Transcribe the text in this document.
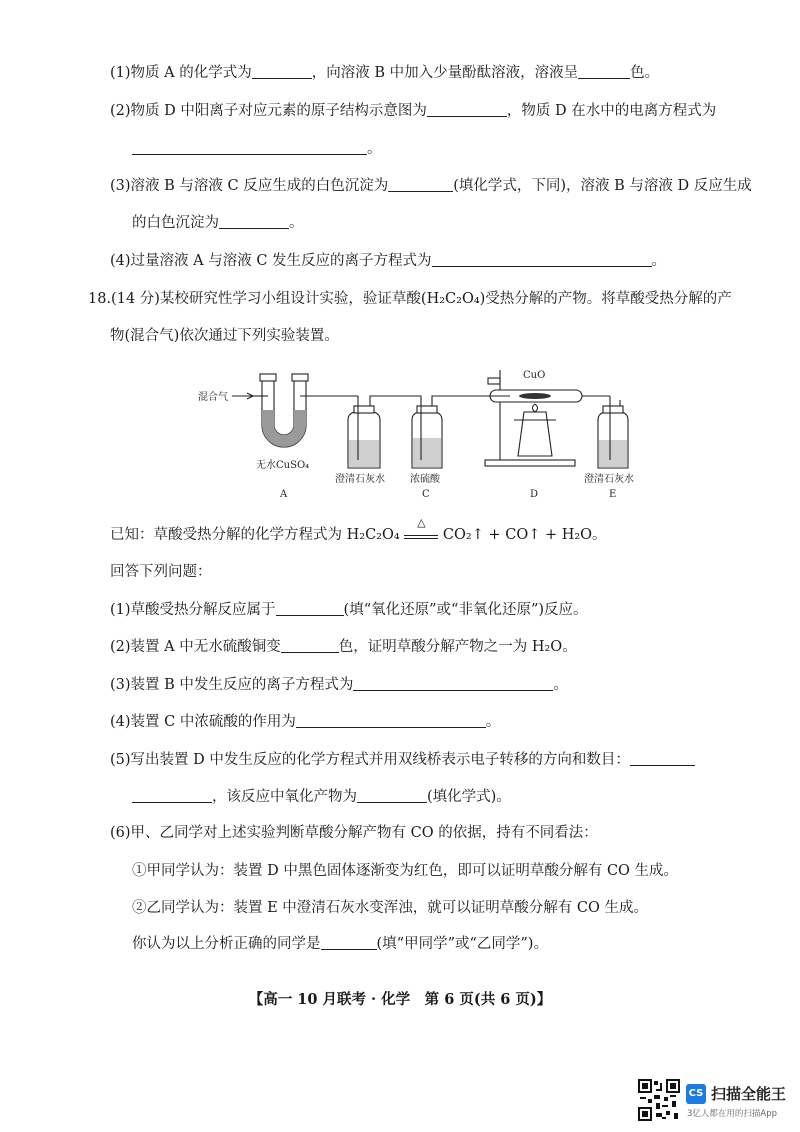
(1)物质 A 的化学式为	，向溶液 B 中加入少量酚酞溶液，溶液呈	色。
(2)物质 D 中阳离子对应元素的原子结构示意图为	，物质 D 在水中的电离方程式为
。
(3)溶液 B 与溶液 C 反应生成的白色沉淀为	(填化学式，下同)，溶液 B 与溶液 D 反应生成
的白色沉淀为	。
(4)过量溶液 A 与溶液 C 发生反应的离子方程式为	。
18.(14 分)某校研究性学习小组设计实验，验证草酸(H₂C₂O₄)受热分解的产物。将草酸受热分解的产
物(混合气)依次通过下列实验装置。
混合气
无水CuSO₄
A
澄清石灰水	浓硫酸
C
CuO
D
澄清石灰水
E
已知：草酸受热分解的化学方程式为 H₂C₂O₄
△
CO₂↑ + CO↑ + H₂O。
回答下列问题：
(1)草酸受热分解反应属于	(填“氧化还原”或“非氧化还原”)反应。
(2)装置 A 中无水硫酸铜变	色，证明草酸分解产物之一为 H₂O。
(3)装置 B 中发生反应的离子方程式为	。
(4)装置 C 中浓硫酸的作用为	。
(5)写出装置 D 中发生反应的化学方程式并用双线桥表示电子转移的方向和数目：
，该反应中氧化产物为	(填化学式)。
(6)甲、乙同学对上述实验判断草酸分解产物有 CO 的依据，持有不同看法：
①甲同学认为：装置 D 中黑色固体逐渐变为红色，即可以证明草酸分解有 CO 生成。
②乙同学认为：装置 E 中澄清石灰水变浑浊，就可以证明草酸分解有 CO 生成。
你认为以上分析正确的同学是	(填“甲同学”或“乙同学”)。
【高一 10 月联考 · 化学　第 6 页(共 6 页)】
CS 扫描全能王
3亿人都在用的扫描App
